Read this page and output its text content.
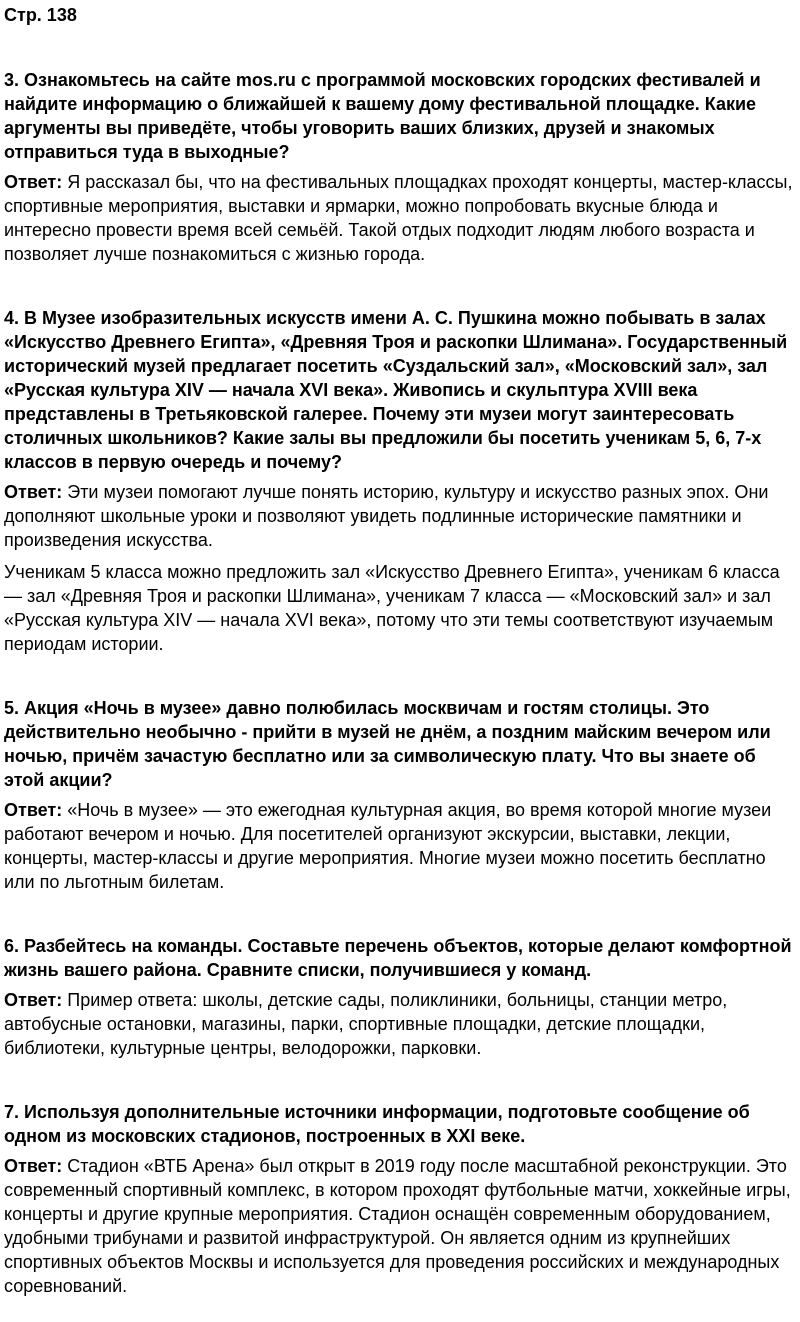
Стр. 138
3. Ознакомьтесь на сайте mos.ru с программой московских городских фестивалей и найдите информацию о ближайшей к вашему дому фестивальной площадке. Какие аргументы вы приведёте, чтобы уговорить ваших близких, друзей и знакомых отправиться туда в выходные?
Ответ: Я рассказал бы, что на фестивальных площадках проходят концерты, мастер-классы, спортивные мероприятия, выставки и ярмарки, можно попробовать вкусные блюда и интересно провести время всей семьёй. Такой отдых подходит людям любого возраста и позволяет лучше познакомиться с жизнью города.
4. В Музее изобразительных искусств имени А. С. Пушкина можно побывать в залах «Искусство Древнего Египта», «Древняя Троя и раскопки Шлимана». Государственный исторический музей предлагает посетить «Суздальский зал», «Московский зал», зал «Русская культура XIV — начала XVI века». Живопись и скульптура XVIII века представлены в Третьяковской галерее. Почему эти музеи могут заинтересовать столичных школьников? Какие залы вы предложили бы посетить ученикам 5, 6, 7-х классов в первую очередь и почему?
Ответ: Эти музеи помогают лучше понять историю, культуру и искусство разных эпох. Они дополняют школьные уроки и позволяют увидеть подлинные исторические памятники и произведения искусства.
Ученикам 5 класса можно предложить зал «Искусство Древнего Египта», ученикам 6 класса — зал «Древняя Троя и раскопки Шлимана», ученикам 7 класса — «Московский зал» и зал «Русская культура XIV — начала XVI века», потому что эти темы соответствуют изучаемым периодам истории.
5. Акция «Ночь в музее» давно полюбилась москвичам и гостям столицы. Это действительно необычно - прийти в музей не днём, а поздним майским вечером или ночью, причём зачастую бесплатно или за символическую плату. Что вы знаете об этой акции?
Ответ: «Ночь в музее» — это ежегодная культурная акция, во время которой многие музеи работают вечером и ночью. Для посетителей организуют экскурсии, выставки, лекции, концерты, мастер-классы и другие мероприятия. Многие музеи можно посетить бесплатно или по льготным билетам.
6. Разбейтесь на команды. Составьте перечень объектов, которые делают комфортной жизнь вашего района. Сравните списки, получившиеся у команд.
Ответ: Пример ответа: школы, детские сады, поликлиники, больницы, станции метро, автобусные остановки, магазины, парки, спортивные площадки, детские площадки, библиотеки, культурные центры, велодорожки, парковки.
7. Используя дополнительные источники информации, подготовьте сообщение об одном из московских стадионов, построенных в XXI веке.
Ответ: Стадион «ВТБ Арена» был открыт в 2019 году после масштабной реконструкции. Это современный спортивный комплекс, в котором проходят футбольные матчи, хоккейные игры, концерты и другие крупные мероприятия. Стадион оснащён современным оборудованием, удобными трибунами и развитой инфраструктурой. Он является одним из крупнейших спортивных объектов Москвы и используется для проведения российских и международных соревнований.
